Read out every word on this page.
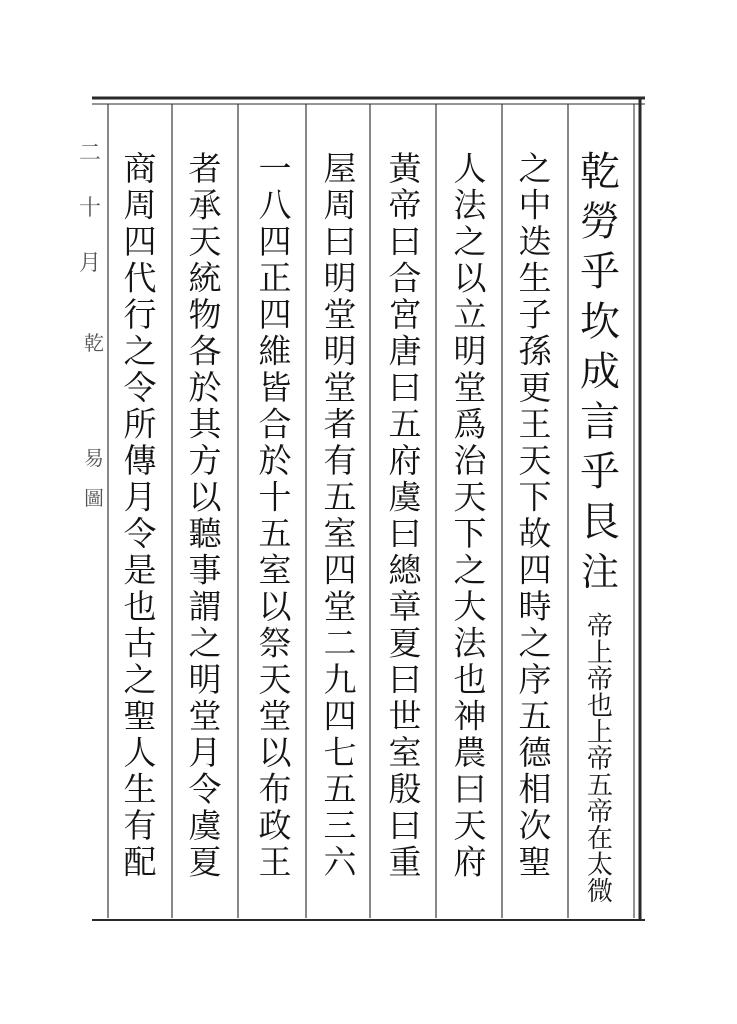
二
十
月
乾
易
圖
乾
勞
乎
坎
成
言
乎
艮
注
帝
上
帝
也
上
帝
五
帝
在
太
微
之
中
迭
生
子
孫
更
王
天
下
故
四
時
之
序
五
德
相
次
聖
人
法
之
以
立
明
堂
爲
治
天
下
之
大
法
也
神
農
曰
天
府
黃
帝
曰
合
宮
唐
曰
五
府
虞
曰
總
章
夏
曰
世
室
殷
曰
重
屋
周
曰
明
堂
明
堂
者
有
五
室
四
堂
二
九
四
七
五
三
六
一
八
四
正
四
維
皆
合
於
十
五
室
以
祭
天
堂
以
布
政
王
者
承
天
統
物
各
於
其
方
以
聽
事
謂
之
明
堂
月
令
虞
夏
商
周
四
代
行
之
令
所
傳
月
令
是
也
古
之
聖
人
生
有
配
